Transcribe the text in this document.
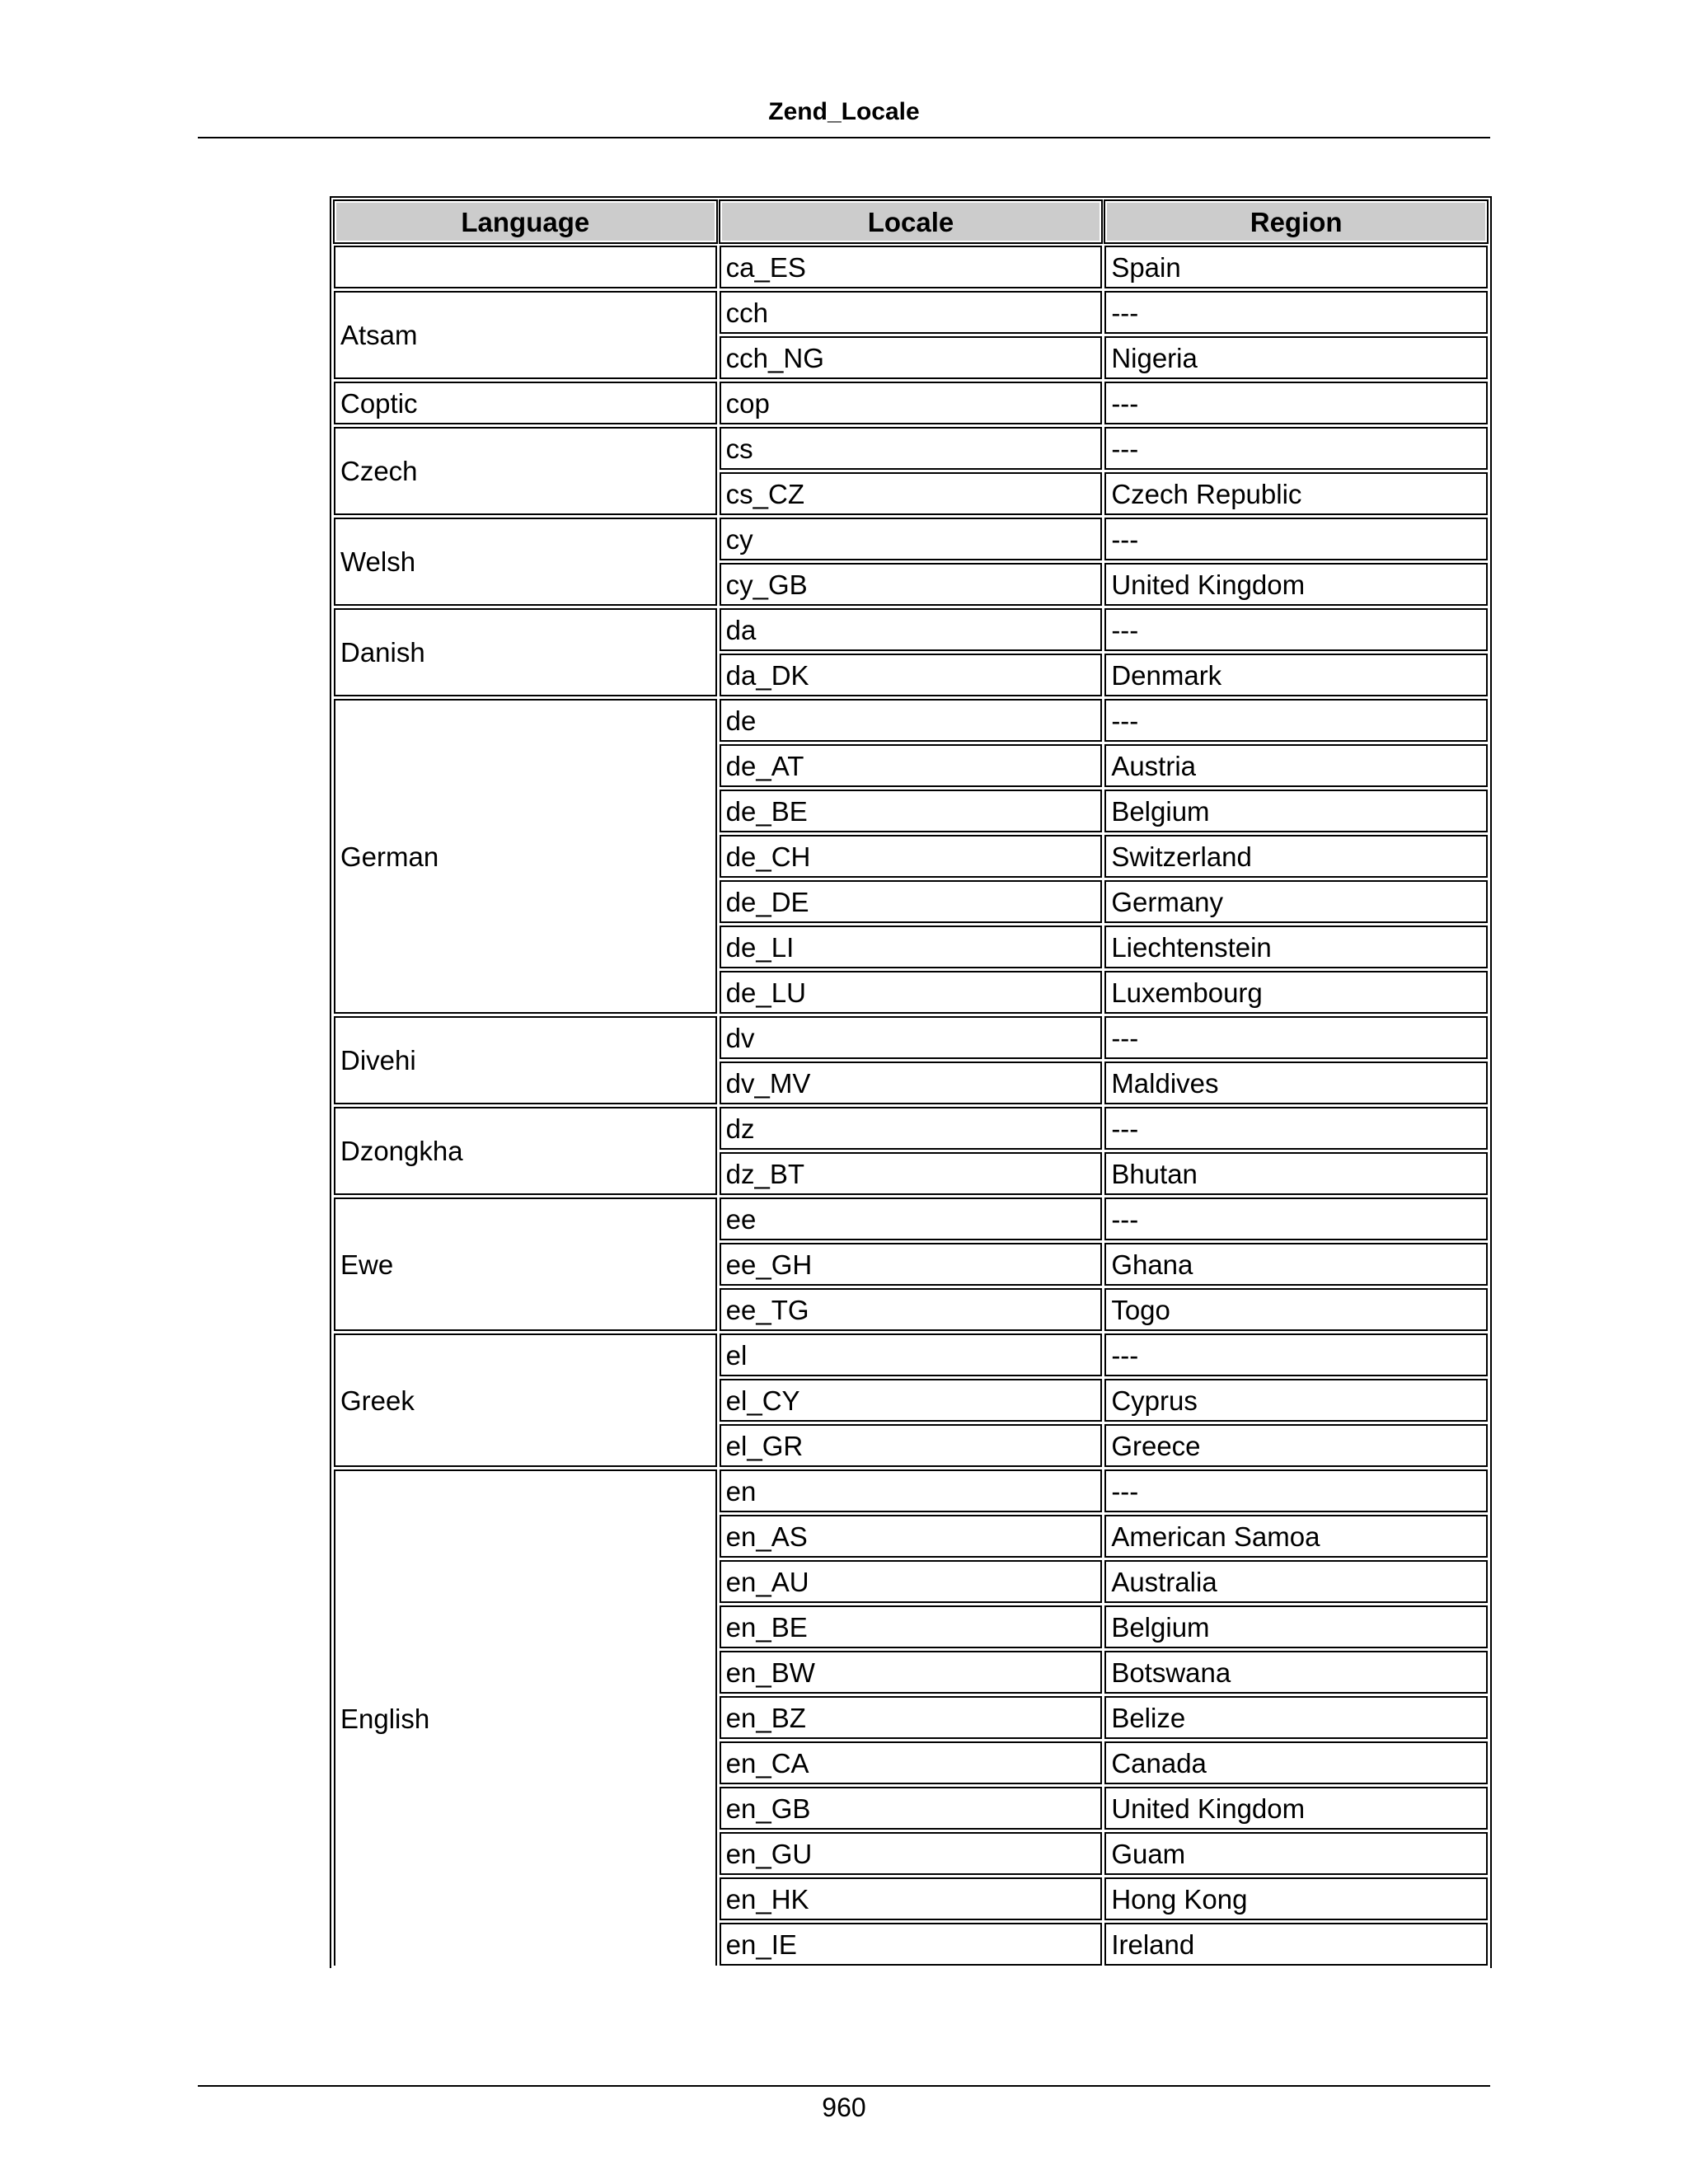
Zend_Locale
Language	Locale	Region
	ca_ES	Spain
Atsam	cch	---
	cch_NG	Nigeria
Coptic	cop	---
Czech	cs	---
	cs_CZ	Czech Republic
Welsh	cy	---
	cy_GB	United Kingdom
Danish	da	---
	da_DK	Denmark
German	de	---
	de_AT	Austria
	de_BE	Belgium
	de_CH	Switzerland
	de_DE	Germany
	de_LI	Liechtenstein
	de_LU	Luxembourg
Divehi	dv	---
	dv_MV	Maldives
Dzongkha	dz	---
	dz_BT	Bhutan
Ewe	ee	---
	ee_GH	Ghana
	ee_TG	Togo
Greek	el	---
	el_CY	Cyprus
	el_GR	Greece
English	en	---
	en_AS	American Samoa
	en_AU	Australia
	en_BE	Belgium
	en_BW	Botswana
	en_BZ	Belize
	en_CA	Canada
	en_GB	United Kingdom
	en_GU	Guam
	en_HK	Hong Kong
	en_IE	Ireland
960
